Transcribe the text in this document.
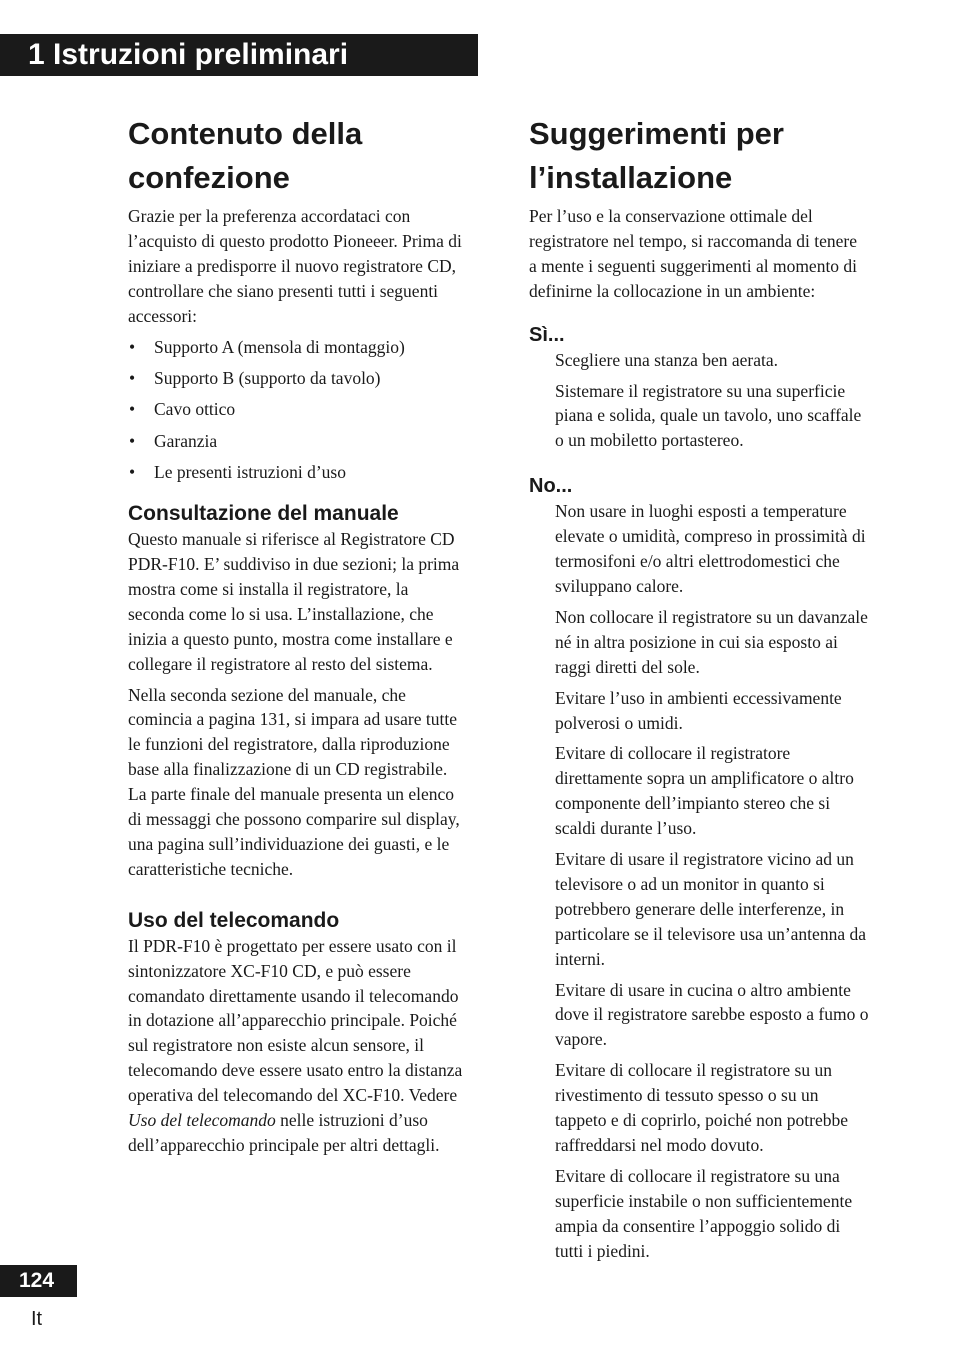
1 Istruzioni preliminari
Contenuto della
confezione

Grazie per la preferenza accordataci con l’acquisto di questo prodotto Pioneeer. Prima di iniziare a predisporre il nuovo registratore CD, controllare che siano presenti tutti i seguenti accessori:

• Supporto A (mensola di montaggio)
• Supporto B (supporto da tavolo)
• Cavo ottico
• Garanzia
• Le presenti istruzioni d’uso
Consultazione del manuale

Questo manuale si riferisce al Registratore CD PDR-F10. E’ suddiviso in due sezioni; la prima mostra come si installa il registratore, la seconda come lo si usa. L’installazione, che inizia a questo punto, mostra come installare e collegare il registratore al resto del sistema.

Nella seconda sezione del manuale, che comincia a pagina 131, si impara ad usare tutte le funzioni del registratore, dalla riproduzione base alla finalizzazione di un CD registrabile. La parte finale del manuale presenta un elenco di messaggi che possono comparire sul display, una pagina sull’individuazione dei guasti, e le caratteristiche tecniche.

Uso del telecomando

Il PDR-F10 è progettato per essere usato con il sintonizzatore XC-F10 CD, e può essere comandato direttamente usando il telecomando in dotazione all’apparecchio principale. Poiché sul registratore non esiste alcun sensore, il telecomando deve essere usato entro la distanza operativa del telecomando del XC-F10. Vedere Uso del telecomando nelle istruzioni d’uso dell’apparecchio principale per altri dettagli.

Suggerimenti per
l’installazione

Per l’uso e la conservazione ottimale del registratore nel tempo, si raccomanda di tenere a mente i seguenti suggerimenti al momento di definirne la collocazione in un ambiente:

Sì...

Scegliere una stanza ben aerata.

Sistemare il registratore su una superficie piana e solida, quale un tavolo, uno scaffale o un mobiletto portastereo.

No...

Non usare in luoghi esposti a temperature elevate o umidità, compreso in prossimità di termosifoni e/o altri elettrodomestici che sviluppano calore.

Non collocare il registratore su un davanzale né in altra posizione in cui sia esposto ai raggi diretti del sole.

Evitare l’uso in ambienti eccessivamente polverosi o umidi.

Evitare di collocare il registratore direttamente sopra un amplificatore o altro componente dell’impianto stereo che si scaldi durante l’uso.

Evitare di usare il registratore vicino ad un televisore o ad un monitor in quanto si potrebbero generare delle interferenze, in particolare se il televisore usa un’antenna da interni.

Evitare di usare in cucina o altro ambiente dove il registratore sarebbe esposto a fumo o vapore.

Evitare di collocare il registratore su un rivestimento di tessuto spesso o su un tappeto e di coprirlo, poiché non potrebbe raffreddarsi nel modo dovuto.

Evitare di collocare il registratore su una superficie instabile o non sufficientemente ampia da consentire l’appoggio solido di tutti i piedini.

124
It
